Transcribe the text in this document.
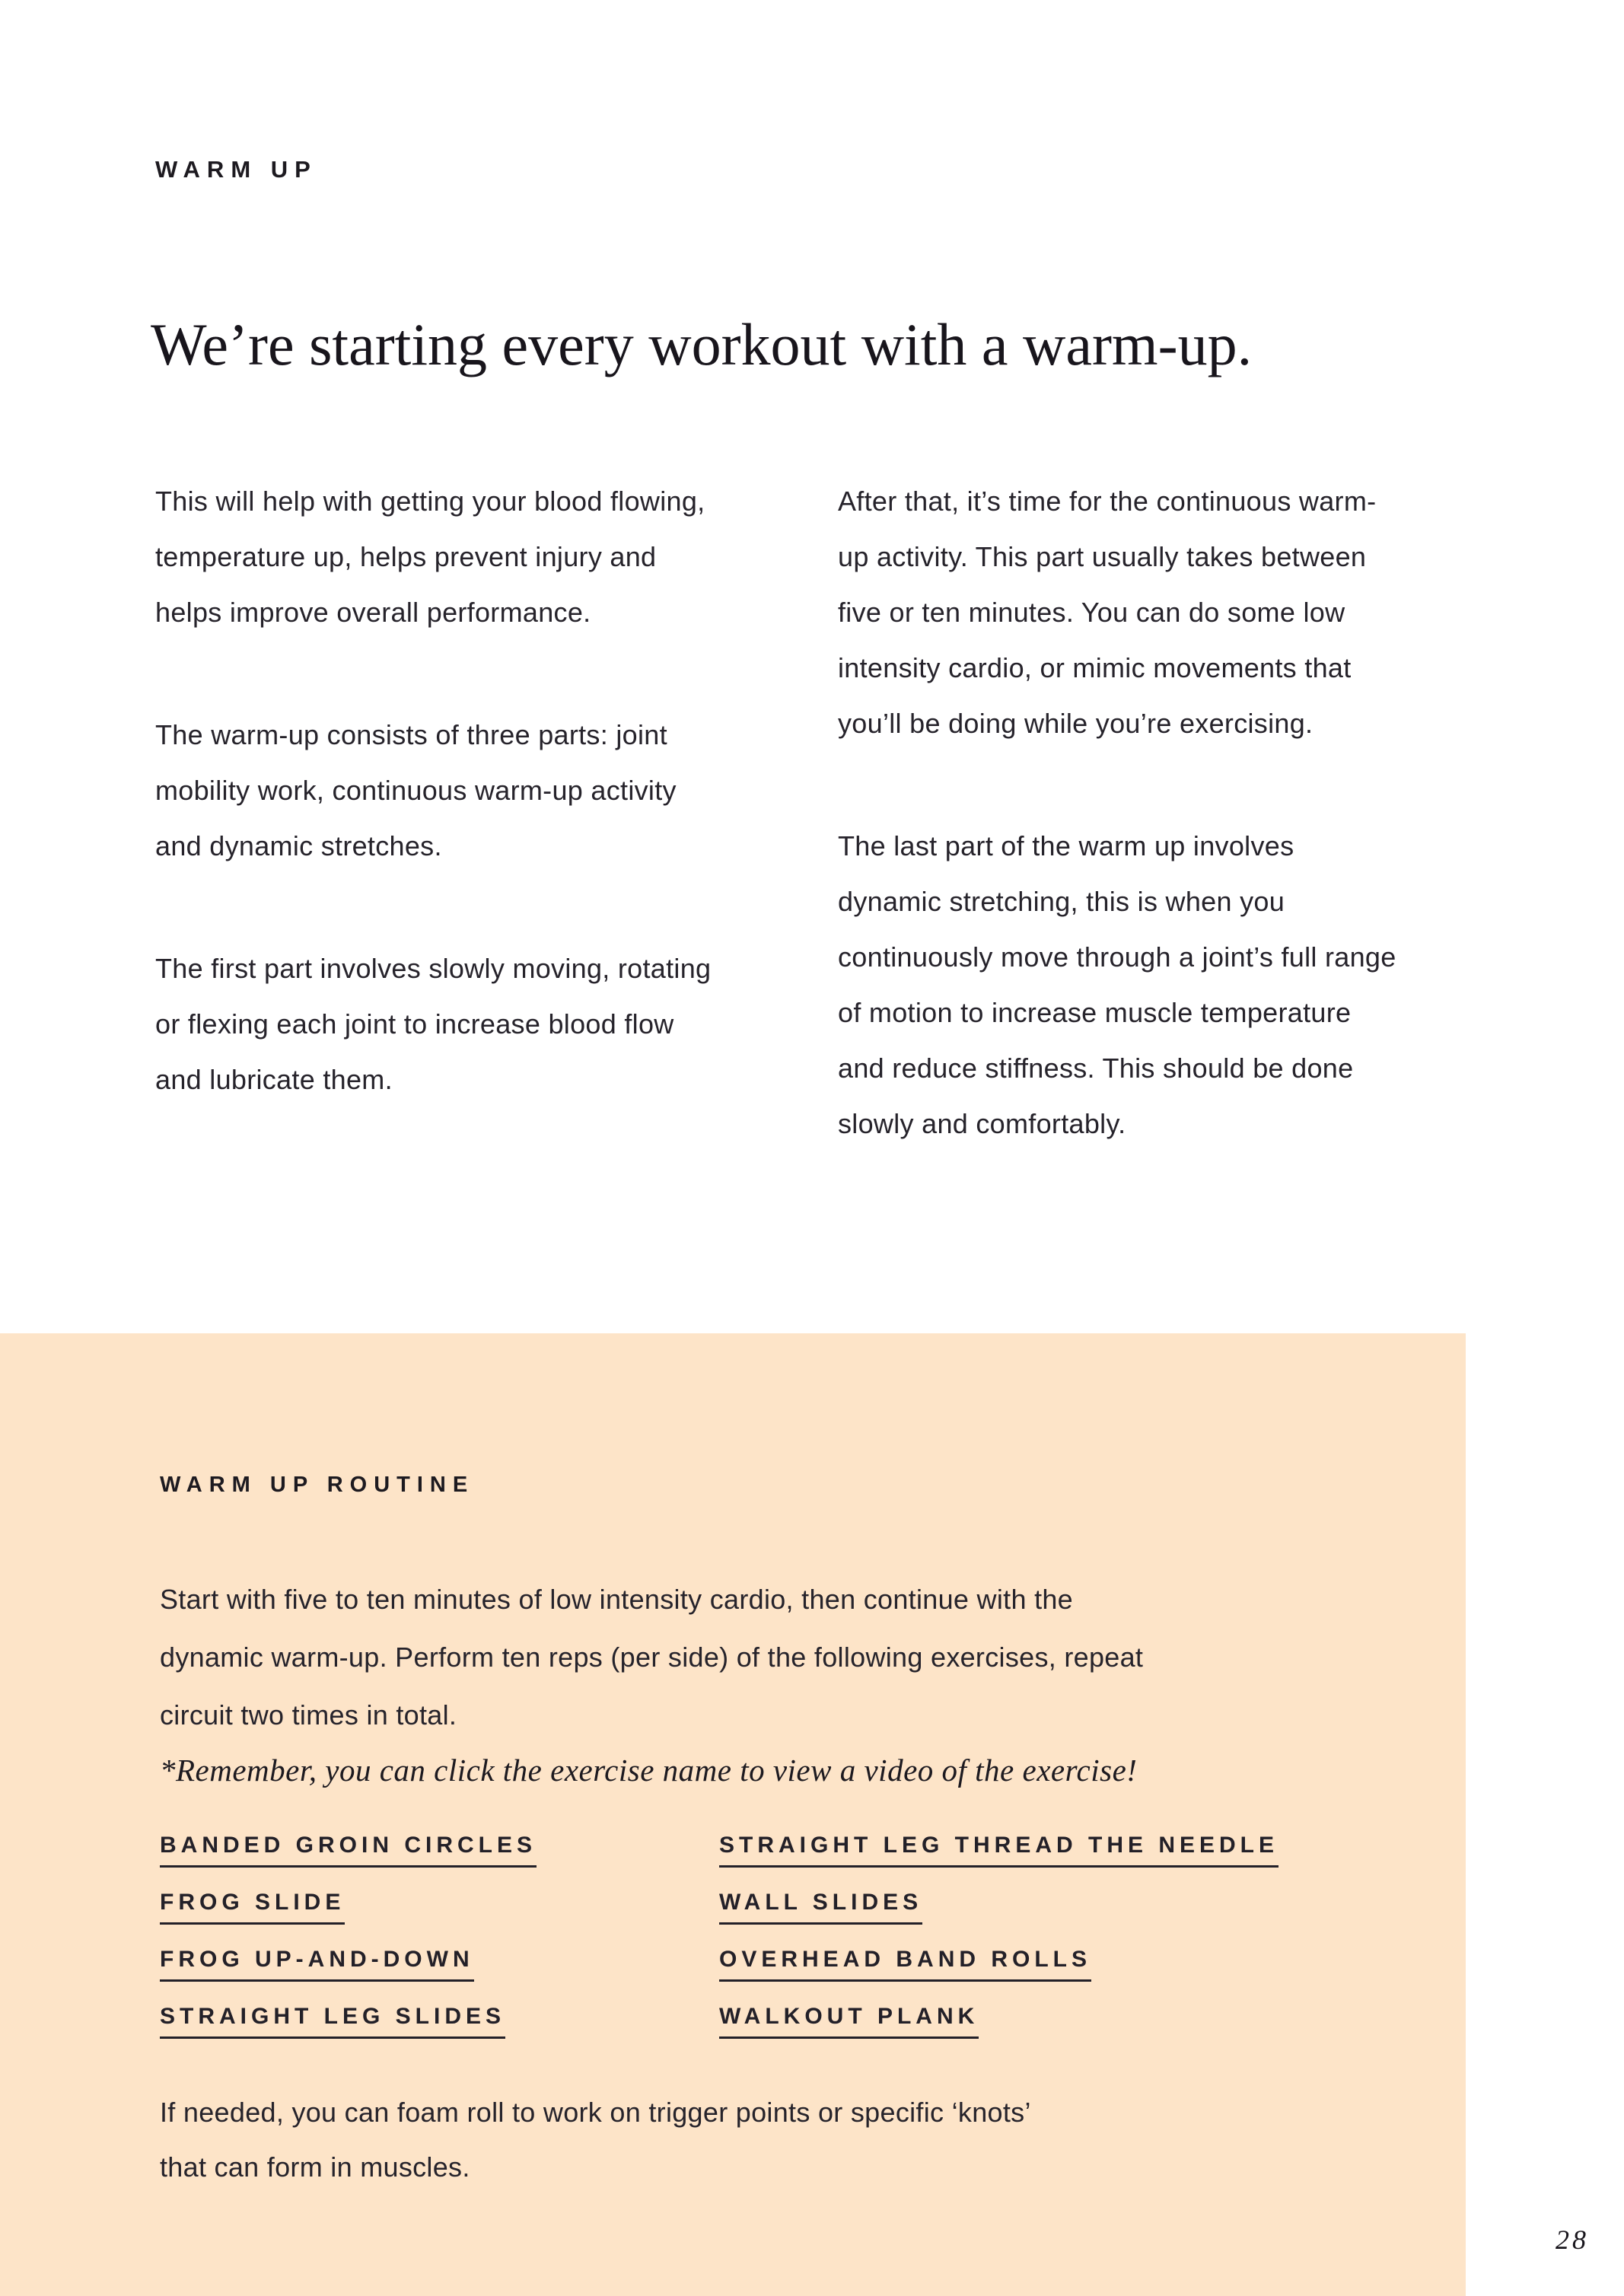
WARM UP
We’re starting every workout with a warm-up.

This will help with getting your blood flowing, temperature up, helps prevent injury and helps improve overall performance.

The warm-up consists of three parts: joint mobility work, continuous warm-up activity and dynamic stretches.

The first part involves slowly moving, rotating or flexing each joint to increase blood flow and lubricate them.

After that, it’s time for the continuous warm-up activity. This part usually takes between five or ten minutes. You can do some low intensity cardio, or mimic movements that you’ll be doing while you’re exercising.

The last part of the warm up involves dynamic stretching, this is when you continuously move through a joint’s full range of motion to increase muscle temperature and reduce stiffness. This should be done slowly and comfortably.

WARM UP ROUTINE

Start with five to ten minutes of low intensity cardio, then continue with the dynamic warm-up. Perform ten reps (per side) of the following exercises, repeat circuit two times in total.

*Remember, you can click the exercise name to view a video of the exercise!

BANDED GROIN CIRCLES
FROG SLIDE
FROG UP-AND-DOWN
STRAIGHT LEG SLIDES
STRAIGHT LEG THREAD THE NEEDLE
WALL SLIDES
OVERHEAD BAND ROLLS
WALKOUT PLANK

If needed, you can foam roll to work on trigger points or specific ‘knots’ that can form in muscles.

28
